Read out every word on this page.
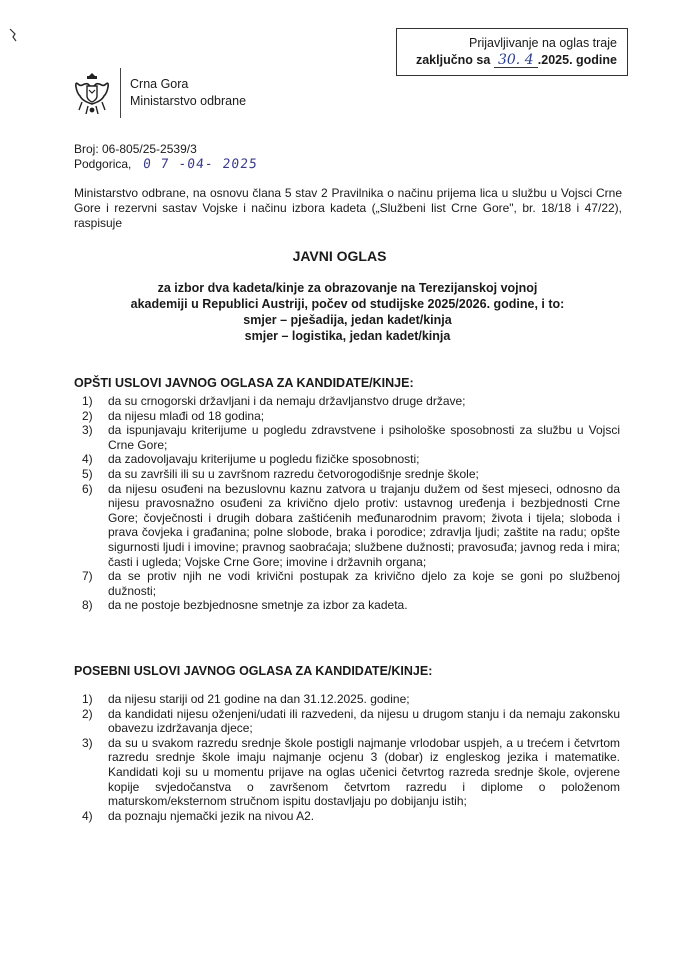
Prijavljivanje na oglas traje
zaključno sa 30. 4 .2025. godine
Crna Gora
Ministarstvo odbrane
Broj: 06-805/25-2539/3
Podgorica, 0 7 -04- 2025
Ministarstvo odbrane, na osnovu člana 5 stav 2 Pravilnika o načinu prijema lica u službu u Vojsci Crne Gore i rezervni sastav Vojske i načinu izbora kadeta („Službeni list Crne Gore", br. 18/18 i 47/22), raspisuje
JAVNI OGLAS
za izbor dva kadeta/kinje za obrazovanje na Terezijanskoj vojnoj
akademiji u Republici Austriji, počev od studijske 2025/2026. godine, i to:
smjer – pješadija, jedan kadet/kinja
smjer – logistika, jedan kadet/kinja
OPŠTI USLOVI JAVNOG OGLASA ZA KANDIDATE/KINJE:
1) da su crnogorski državljani i da nemaju državljanstvo druge države;
2) da nijesu mlađi od 18 godina;
3) da ispunjavaju kriterijume u pogledu zdravstvene i psihološke sposobnosti za službu u Vojsci Crne Gore;
4) da zadovoljavaju kriterijume u pogledu fizičke sposobnosti;
5) da su završili ili su u završnom razredu četvorogodišnje srednje škole;
6) da nijesu osuđeni na bezuslovnu kaznu zatvora u trajanju dužem od šest mjeseci, odnosno da nijesu pravosnažno osuđeni za krivično djelo protiv: ustavnog uređenja i bezbjednosti Crne Gore; čovječnosti i drugih dobara zaštićenih međunarodnim pravom; života i tijela; sloboda i prava čovjeka i građanina; polne slobode, braka i porodice; zdravlja ljudi; zaštite na radu; opšte sigurnosti ljudi i imovine; pravnog saobraćaja; službene dužnosti; pravosuđa; javnog reda i mira; časti i ugleda; Vojske Crne Gore; imovine i državnih organa;
7) da se protiv njih ne vodi krivični postupak za krivično djelo za koje se goni po službenoj dužnosti;
8) da ne postoje bezbjednosne smetnje za izbor za kadeta.
POSEBNI USLOVI JAVNOG OGLASA ZA KANDIDATE/KINJE:
1) da nijesu stariji od 21 godine na dan 31.12.2025. godine;
2) da kandidati nijesu oženjeni/udati ili razvedeni, da nijesu u drugom stanju i da nemaju zakonsku obavezu izdržavanja djece;
3) da su u svakom razredu srednje škole postigli najmanje vrlodobar uspjeh, a u trećem i četvrtom razredu srednje škole imaju najmanje ocjenu 3 (dobar) iz engleskog jezika i matematike. Kandidati koji su u momentu prijave na oglas učenici četvrtog razreda srednje škole, ovjerene kopije svjedočanstva o završenom četvrtom razredu i diplome o položenom maturskom/eksternom stručnom ispitu dostavljaju po dobijanju istih;
4) da poznaju njemački jezik na nivou A2.
